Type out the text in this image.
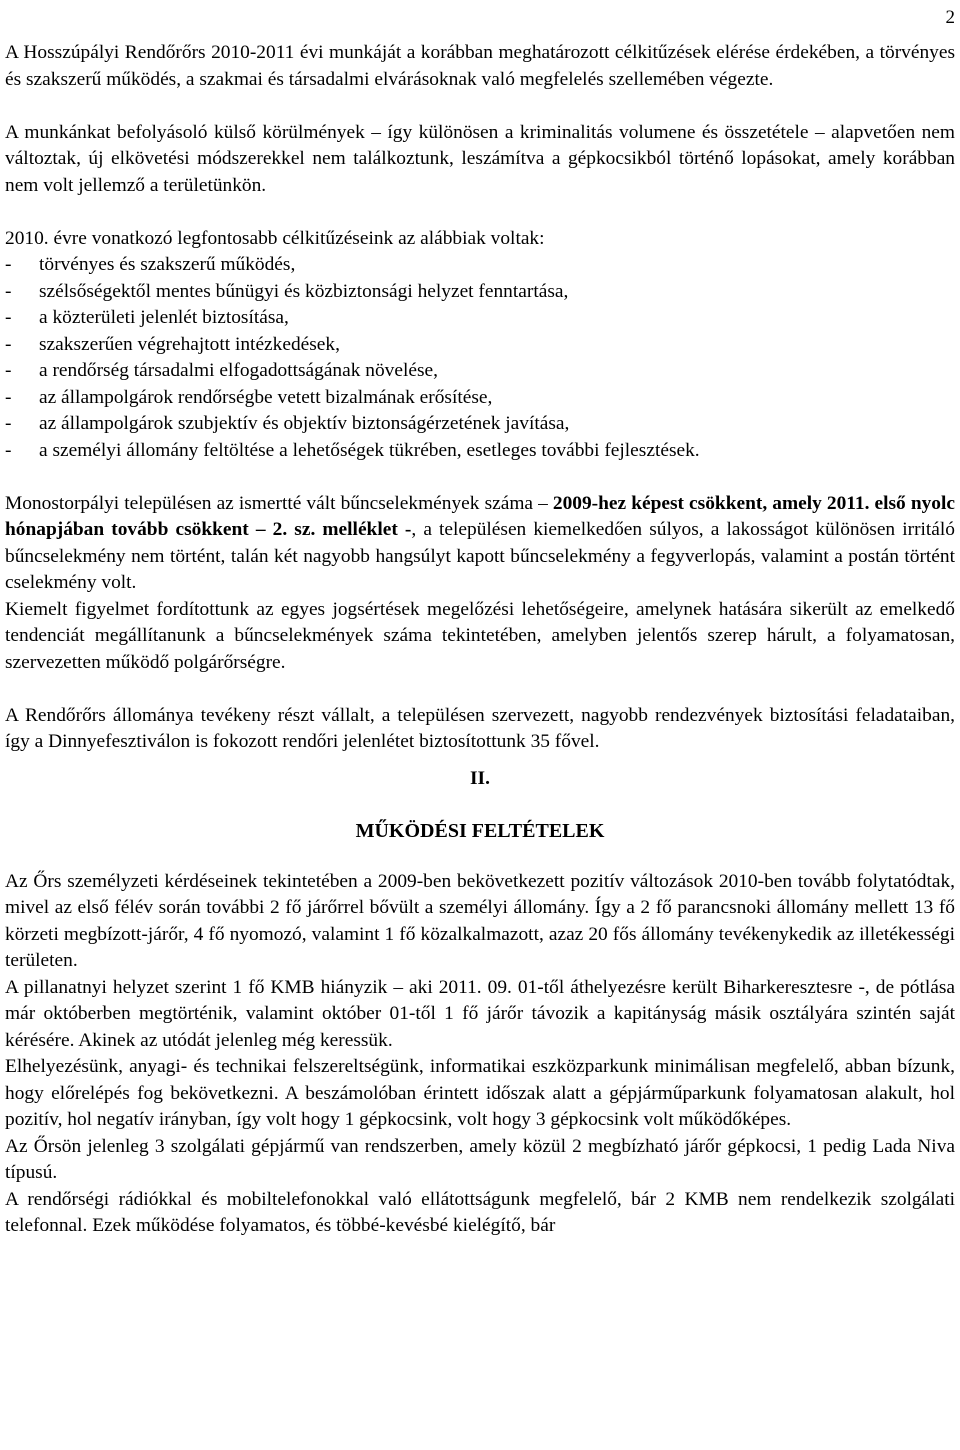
2

A Hosszúpályi Rendőrőrs 2010-2011 évi munkáját a korábban meghatározott célkitűzések elérése érdekében, a törvényes és szakszerű működés, a szakmai és társadalmi elvárásoknak való megfelelés szellemében végezte.

A munkánkat befolyásoló külső körülmények – így különösen a kriminalitás volumene és összetétele – alapvetően nem változtak, új elkövetési módszerekkel nem találkoztunk, leszámítva a gépkocsikból történő lopásokat, amely korábban nem volt jellemző a területünkön.

2010. évre vonatkozó legfontosabb célkitűzéseink az alábbiak voltak:

-	törvényes és szakszerű működés,
-	szélsőségektől mentes bűnügyi és közbiztonsági helyzet fenntartása,
-	a közterületi jelenlét biztosítása,
-	szakszerűen végrehajtott intézkedések,
-	a rendőrség társadalmi elfogadottságának növelése,
-	az állampolgárok rendőrségbe vetett bizalmának erősítése,
-	az állampolgárok szubjektív és objektív biztonságérzetének javítása,
-	a személyi állomány feltöltése a lehetőségek tükrében, esetleges további fejlesztések.

Monostorpályi településen az ismertté vált bűncselekmények száma – 2009-hez képest csökkent, amely 2011. első nyolc hónapjában tovább csökkent – 2. sz. melléklet -, a településen kiemelkedően súlyos, a lakosságot különösen irritáló bűncselekmény nem történt, talán két nagyobb hangsúlyt kapott bűncselekmény a fegyverlopás, valamint a postán történt cselekmény volt.

Kiemelt figyelmet fordítottunk az egyes jogsértések megelőzési lehetőségeire, amelynek hatására sikerült az emelkedő tendenciát megállítanunk a bűncselekmények száma tekintetében, amelyben jelentős szerep hárult, a folyamatosan, szervezetten működő polgárőrségre.

A Rendőrőrs állománya tevékeny részt vállalt, a településen szervezett, nagyobb rendezvények biztosítási feladataiban, így a Dinnyefesztiválon is fokozott rendőri jelenlétet biztosítottunk 35 fővel.

II.
MŰKÖDÉSI FELTÉTELEK

Az Őrs személyzeti kérdéseinek tekintetében a 2009-ben bekövetkezett pozitív változások 2010-ben tovább folytatódtak, mivel az első félév során további 2 fő járőrrel bővült a személyi állomány. Így a 2 fő parancsnoki állomány mellett 13 fő körzeti megbízott-járőr, 4 fő nyomozó, valamint 1 fő közalkalmazott, azaz 20 fős állomány tevékenykedik az illetékességi területen.

A pillanatnyi helyzet szerint 1 fő KMB hiányzik – aki 2011. 09. 01-től áthelyezésre került Biharkeresztesre -, de pótlása már októberben megtörténik, valamint október 01-től 1 fő járőr távozik a kapitányság másik osztályára szintén saját kérésére. Akinek az utódát jelenleg még keressük.

Elhelyezésünk, anyagi- és technikai felszereltségünk, informatikai eszközparkunk minimálisan megfelelő, abban bízunk, hogy előrelépés fog bekövetkezni. A beszámolóban érintett időszak alatt a gépjárműparkunk folyamatosan alakult, hol pozitív, hol negatív irányban, így volt hogy 1 gépkocsink, volt hogy 3 gépkocsink volt működőképes.

Az Őrsön jelenleg 3 szolgálati gépjármű van rendszerben, amely közül 2 megbízható járőr gépkocsi, 1 pedig Lada Niva típusú.

A rendőrségi rádiókkal és mobiltelefonokkal való ellátottságunk megfelelő, bár 2 KMB nem rendelkezik szolgálati telefonnal. Ezek működése folyamatos, és többé-kevésbé kielégítő, bár
